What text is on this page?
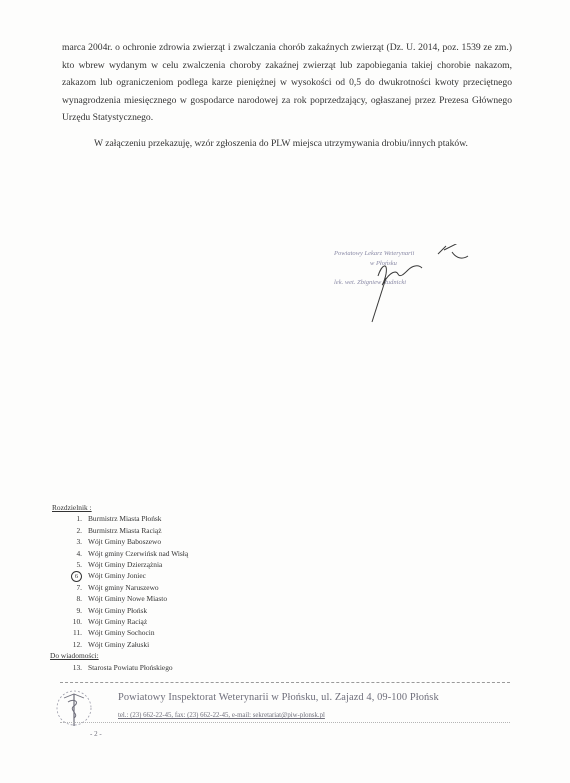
marca 2004r. o ochronie zdrowia zwierząt i zwalczania chorób zakaźnych zwierząt (Dz. U. 2014, poz. 1539 ze zm.) kto wbrew wydanym w celu zwalczenia choroby zakaźnej zwierząt lub zapobiegania takiej chorobie nakazom, zakazom lub ograniczeniom podlega karze pieniężnej w wysokości od 0,5 do dwukrotności kwoty przeciętnego wynagrodzenia miesięcznego w gospodarce narodowej za rok poprzedzający, ogłaszanej przez Prezesa Głównego Urzędu Statystycznego.

W załączeniu przekazuję, wzór zgłoszenia do PLW miejsca utrzymywania drobiu/innych ptaków.

Powiatowy Lekarz Weterynarii
w Płońsku
lek. wet. Zbigniew Rudnicki
Rozdzielnik :
1. Burmistrz Miasta Płońsk
2. Burmistrz Miasta Raciąż
3. Wójt Gminy Baboszewo
4. Wójt gminy Czerwińsk nad Wisłą
5. Wójt Gminy Dzierzążnia
6	Wójt Gminy Joniec
7. Wójt gminy Naruszewo
8. Wójt Gminy Nowe Miasto
9. Wójt Gminy Płońsk
10. Wójt Gminy Raciąż
11. Wójt Gminy Sochocin
12. Wójt Gminy Załuski
Do wiadomości:
13. Starosta Powiatu Płońskiego
Powiatowy Inspektorat Weterynarii w Płońsku, ul. Zajazd 4, 09-100 Płońsk
tel.: (23) 662-22-45, fax: (23) 662-22-45, e-mail: sekretariat@piw-plonsk.pl
- 2 -
